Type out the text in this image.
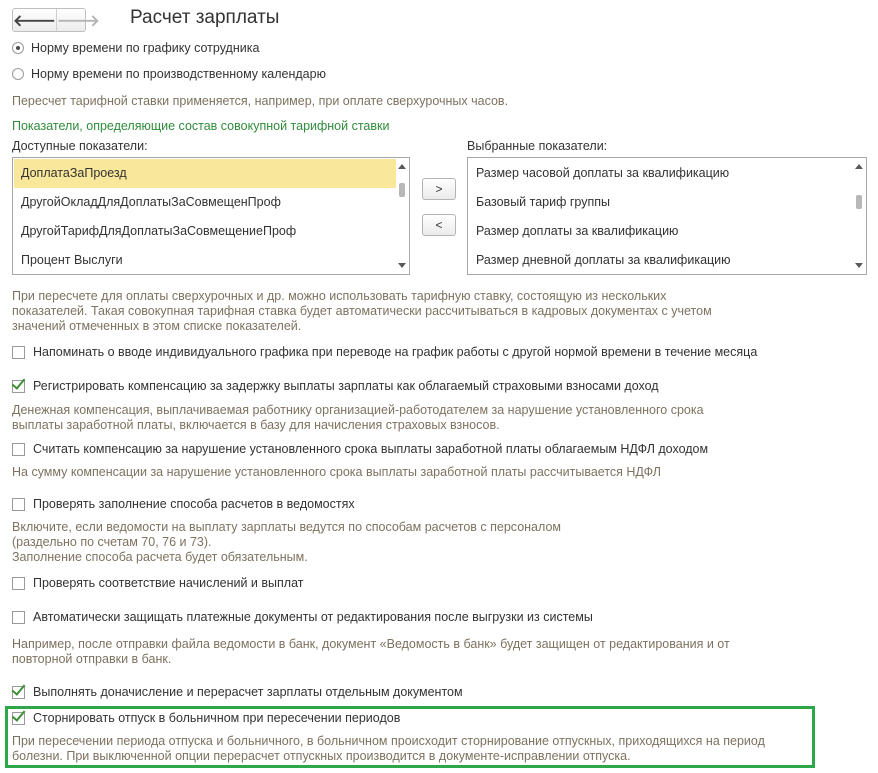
🡐 🡒 Расчет зарплаты
Норму времени по графику сотрудника
Норму времени по производственному календарю
Пересчет тарифной ставки применяется, например, при оплате сверхурочных часов.
Показатели, определяющие состав совокупной тарифной ставки
Доступные показатели:	Выбранные показатели:
ДоплатаЗаПроезд
ДругойОкладДляДоплатыЗаСовмещенПроф
ДругойТарифДляДоплатыЗаСовмещениеПроф
Процент Выслуги
>
<
Размер часовой доплаты за квалификацию
Базовый тариф группы
Размер доплаты за квалификацию
Размер дневной доплаты за квалификацию
При пересчете для оплаты сверхурочных и др. можно использовать тарифную ставку, состоящую из нескольких
показателей. Такая совокупная тарифная ставка будет автоматически рассчитываться в кадровых документах с учетом
значений отмеченных в этом списке показателей.
Напоминать о вводе индивидуального графика при переводе на график работы с другой нормой времени в течение месяца
Регистрировать компенсацию за задержку выплаты зарплаты как облагаемый страховыми взносами доход
Денежная компенсация, выплачиваемая работнику организацией-работодателем за нарушение установленного срока
выплаты заработной платы, включается в базу для начисления страховых взносов.
Считать компенсацию за нарушение установленного срока выплаты заработной платы облагаемым НДФЛ доходом
На сумму компенсации за нарушение установленного срока выплаты заработной платы рассчитывается НДФЛ
Проверять заполнение способа расчетов в ведомостях
Включите, если ведомости на выплату зарплаты ведутся по способам расчетов с персоналом
(раздельно по счетам 70, 76 и 73).
Заполнение способа расчета будет обязательным.
Проверять соответствие начислений и выплат
Автоматически защищать платежные документы от редактирования после выгрузки из системы
Например, после отправки файла ведомости в банк, документ «Ведомость в банк» будет защищен от редактирования и от
повторной отправки в банк.
Выполнять доначисление и перерасчет зарплаты отдельным документом
Сторнировать отпуск в больничном при пересечении периодов
При пересечении периода отпуска и больничного, в больничном происходит сторнирование отпускных, приходящихся на период
болезни. При выключенной опции перерасчет отпускных производится в документе-исправлении отпуска.
